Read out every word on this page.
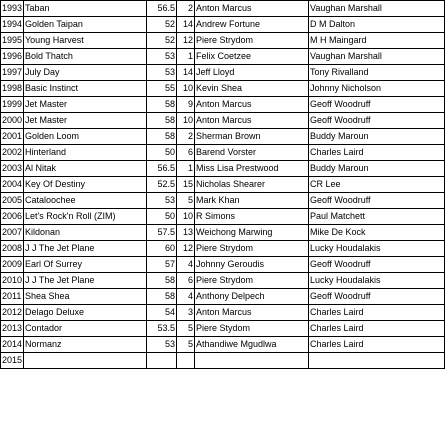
1993	Taban	56.5	2	Anton Marcus	Vaughan Marshall
1994	Golden Taipan	52	14	Andrew Fortune	D M Dalton
1995	Young Harvest	52	12	Piere Strydom	M H Maingard
1996	Bold Thatch	53	1	Felix Coetzee	Vaughan Marshall
1997	July Day	53	14	Jeff Lloyd	Tony Rivalland
1998	Basic Instinct	55	10	Kevin Shea	Johnny Nicholson
1999	Jet Master	58	9	Anton Marcus	Geoff Woodruff
2000	Jet Master	58	10	Anton Marcus	Geoff Woodruff
2001	Golden Loom	58	2	Sherman Brown	Buddy Maroun
2002	Hinterland	50	6	Barend Vorster	Charles Laird
2003	Al Nitak	56.5	1	Miss Lisa Prestwood	Buddy Maroun
2004	Key Of Destiny	52.5	15	Nicholas Shearer	CR Lee
2005	Cataloochee	53	5	Mark Khan	Geoff Woodruff
2006	Let's Rock'n Roll (ZIM)	50	10	R Simons	Paul Matchett
2007	Kildonan	57.5	13	Weichong Marwing	Mike De Kock
2008	J J The Jet Plane	60	12	Piere Strydom	Lucky Houdalakis
2009	Earl Of Surrey	57	4	Johnny Geroudis	Geoff Woodruff
2010	J J The Jet Plane	58	6	Piere Strydom	Lucky Houdalakis
2011	Shea Shea	58	4	Anthony Delpech	Geoff Woodruff
2012	Delago Deluxe	54	3	Anton Marcus	Charles Laird
2013	Contador	53.5	5	Piere Stydom	Charles Laird
2014	Normanz	53	5	Athandiwe Mgudlwa	Charles Laird
2015					
